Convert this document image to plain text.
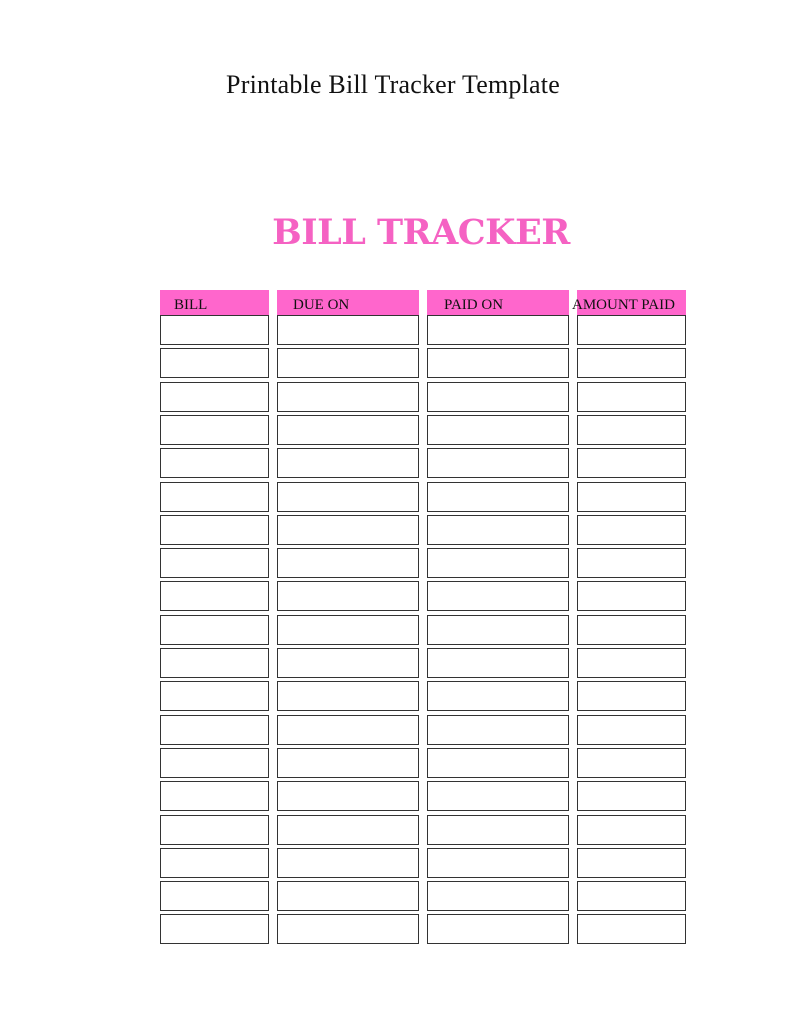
Printable Bill Tracker Template
BILL TRACKER
BILL	DUE ON	PAID ON	AMOUNT PAID
